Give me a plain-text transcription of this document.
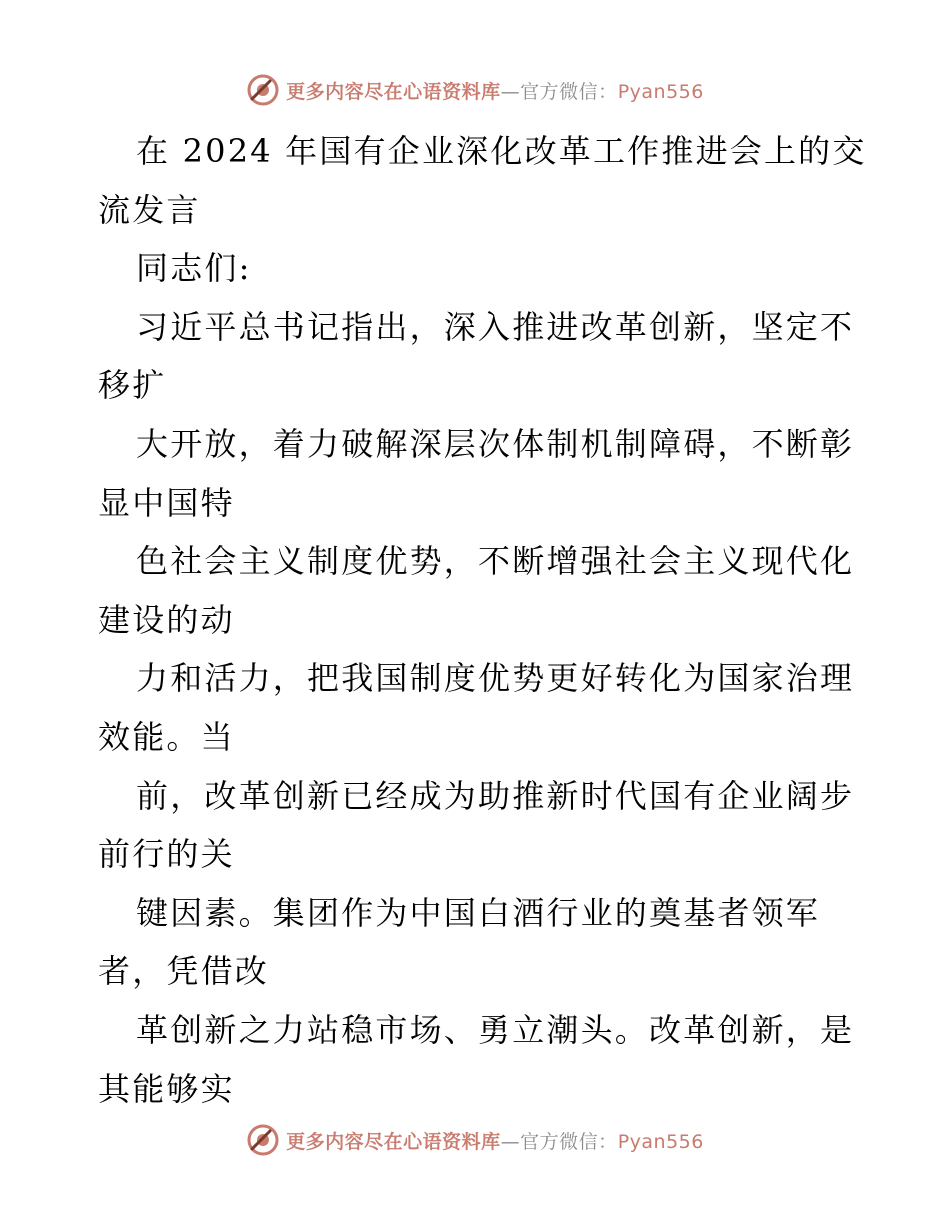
更多内容尽在心语资料库—官方微信：Pyan556
在 2024 年国有企业深化改革工作推进会上的交
流发言
同志们:
习近平总书记指出，深入推进改革创新，坚定不
移扩
大开放，着力破解深层次体制机制障碍，不断彰
显中国特
色社会主义制度优势，不断增强社会主义现代化
建设的动
力和活力，把我国制度优势更好转化为国家治理
效能。当
前，改革创新已经成为助推新时代国有企业阔步
前行的关
键因素。集团作为中国白酒行业的奠基者领军
者，凭借改
革创新之力站稳市场、勇立潮头。改革创新，是
其能够实
更多内容尽在心语资料库—官方微信：Pyan556
